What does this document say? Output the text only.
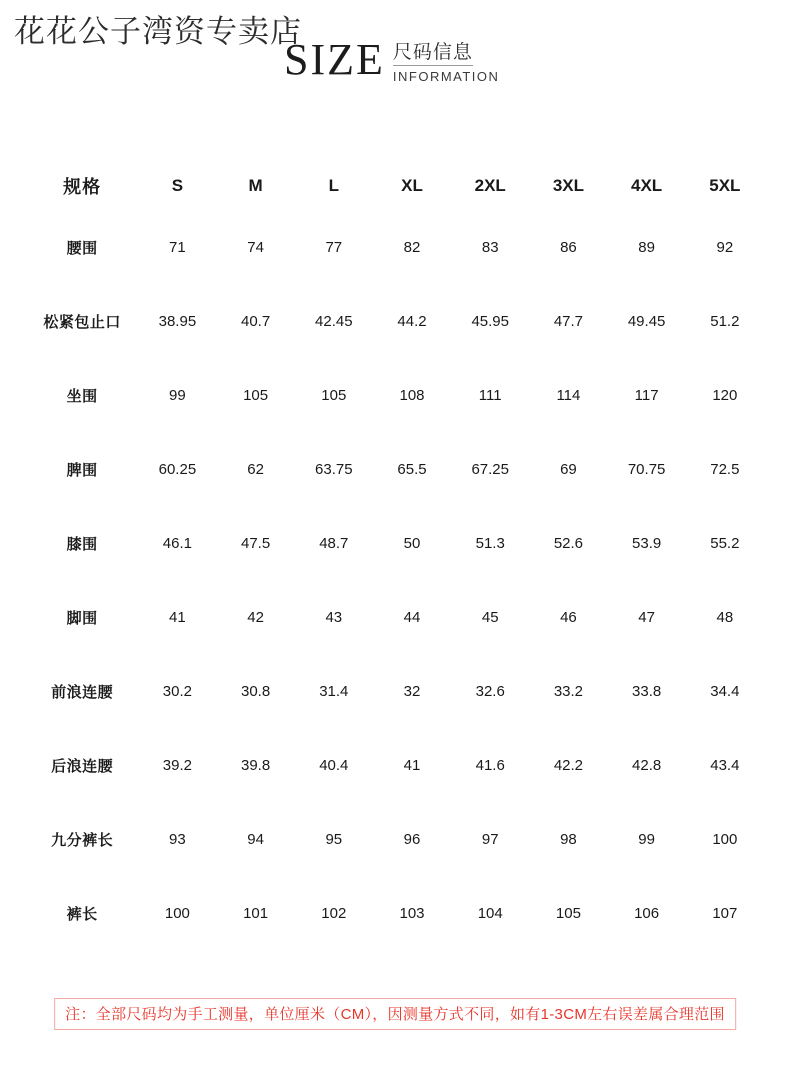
花花公子湾资专卖店
SIZE 尺码信息
INFORMATION
规格	S	M	L	XL	2XL	3XL	4XL	5XL
腰围	71	74	77	82	83	86	89	92
松紧包止口	38.95	40.7	42.45	44.2	45.95	47.7	49.45	51.2
坐围	99	105	105	108	111	114	117	120
脾围	60.25	62	63.75	65.5	67.25	69	70.75	72.5
膝围	46.1	47.5	48.7	50	51.3	52.6	53.9	55.2
脚围	41	42	43	44	45	46	47	48
前浪连腰	30.2	30.8	31.4	32	32.6	33.2	33.8	34.4
后浪连腰	39.2	39.8	40.4	41	41.6	42.2	42.8	43.4
九分裤长	93	94	95	96	97	98	99	100
裤长	100	101	102	103	104	105	106	107
注：全部尺码均为手工测量，单位厘米（CM），因测量方式不同，如有1-3CM左右误差属合理范围
